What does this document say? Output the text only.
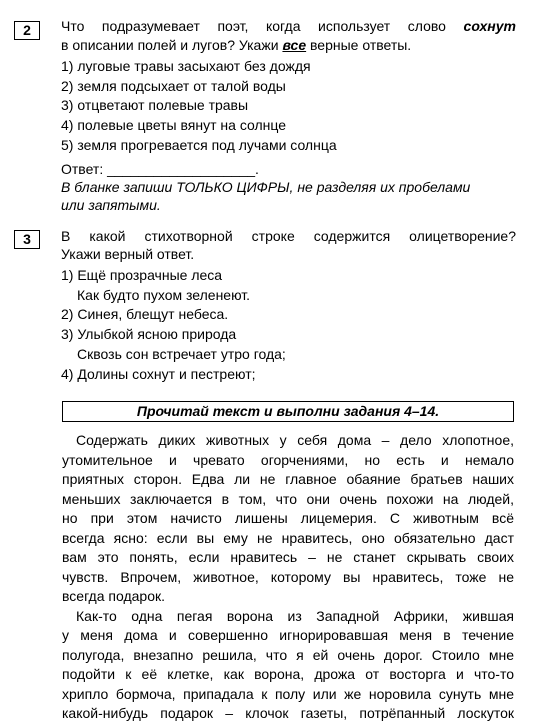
2	Что подразумевает поэт, когда использует слово сохнут
в описании полей и лугов? Укажи все верные ответы.
1) луговые травы засыхают без дождя
2) земля подсыхает от талой воды
3) отцветают полевые травы
4) полевые цветы вянут на солнце
5) земля прогревается под лучами солнца
Ответ: ___________________.
В бланке запиши ТОЛЬКО ЦИФРЫ, не разделяя их пробелами
или запятыми.
3	В какой стихотворной строке содержится олицетворение?
Укажи верный ответ.
1) Ещё прозрачные леса
Как будто пухом зеленеют.
2) Синея, блещут небеса.
3) Улыбкой ясною природа
Сквозь сон встречает утро года;
4) Долины сохнут и пестреют;
Прочитай текст и выполни задания 4–14.
Содержать диких животных у себя дома – дело хлопотное,
утомительное и чревато огорчениями, но есть и немало
приятных сторон. Едва ли не главное обаяние братьев наших
меньших заключается в том, что они очень похожи на людей,
но при этом начисто лишены лицемерия. С животным всё
всегда ясно: если вы ему не нравитесь, оно обязательно даст
вам это понять, если нравитесь – не станет скрывать своих
чувств. Впрочем, животное, которому вы нравитесь, тоже не
всегда подарок.
Как-то одна пегая ворона из Западной Африки, жившая
у меня дома и совершенно игнорировавшая меня в течение
полугода, внезапно решила, что я ей очень дорог. Стоило мне
подойти к её клетке, как ворона, дрожа от восторга и что-то
хрипло бормоча, припадала к полу или же норовила сунуть мне
какой-нибудь подарок – клочок газеты, потрёпанный лоскуток
